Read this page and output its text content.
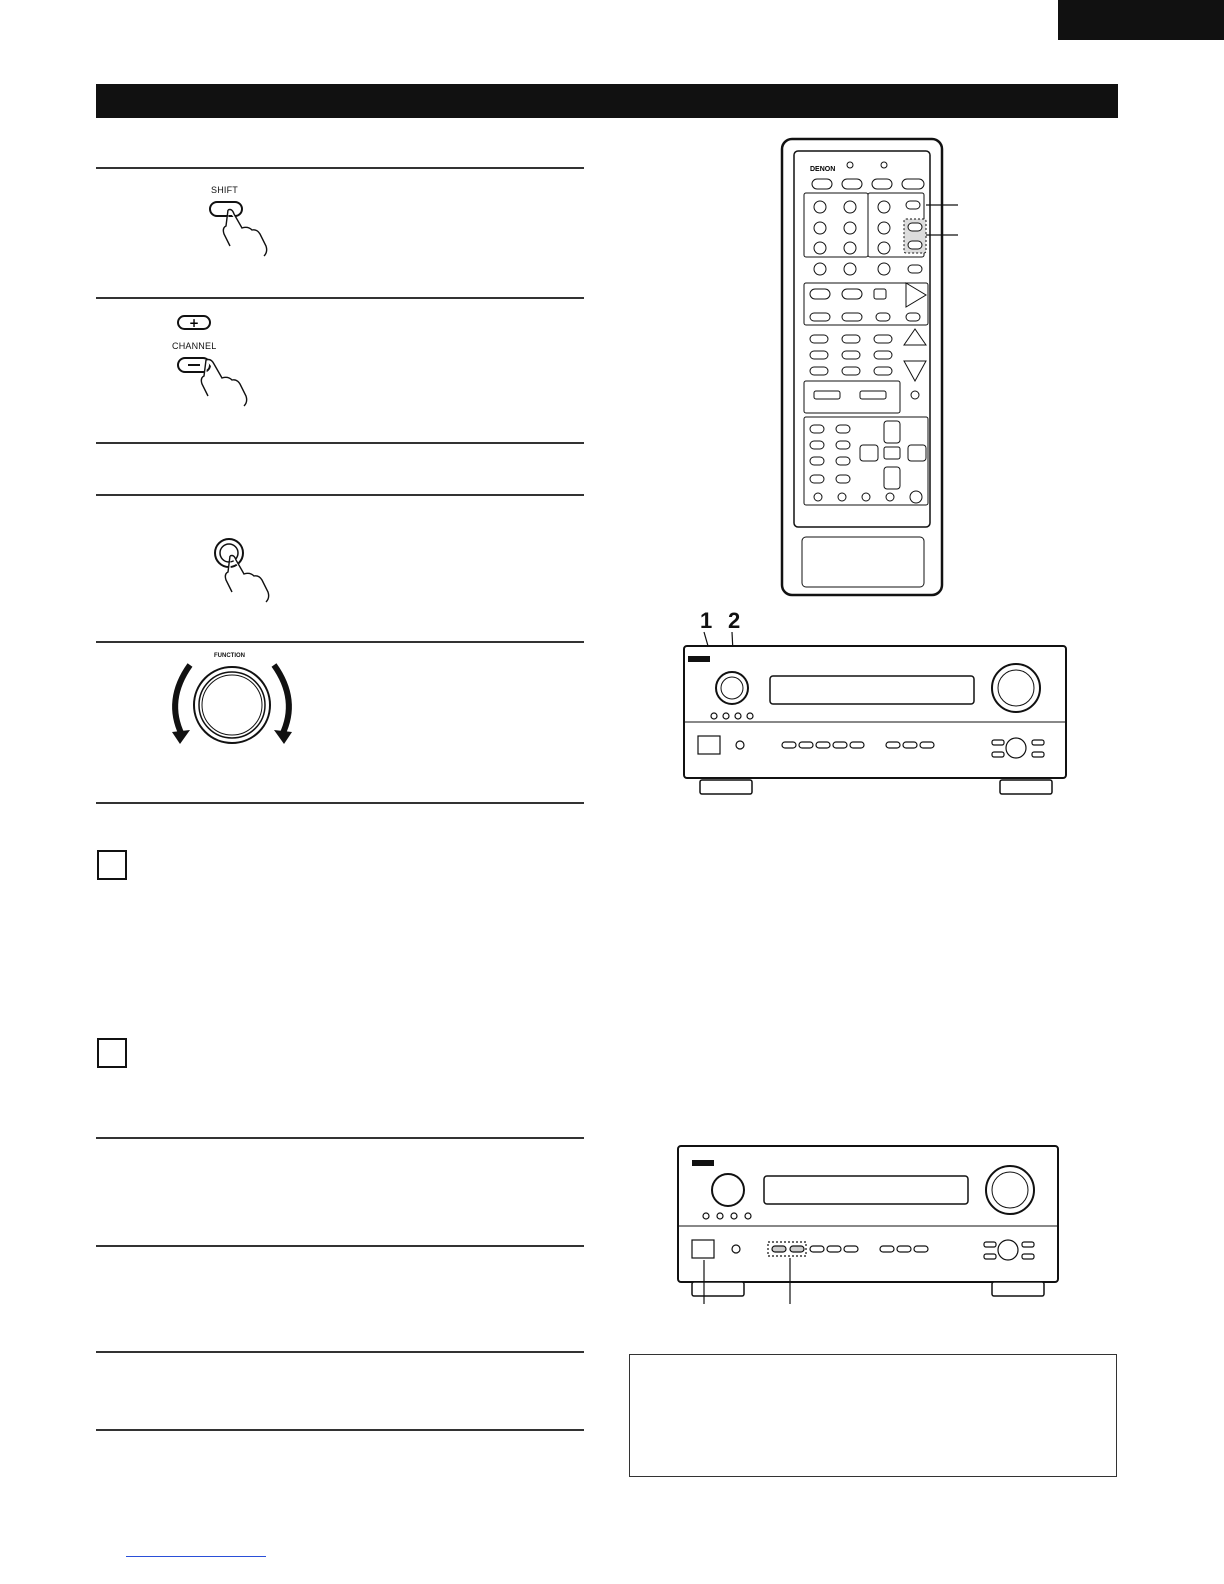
SHIFT
+
CHANNEL
FUNCTION
DENON
1 2
